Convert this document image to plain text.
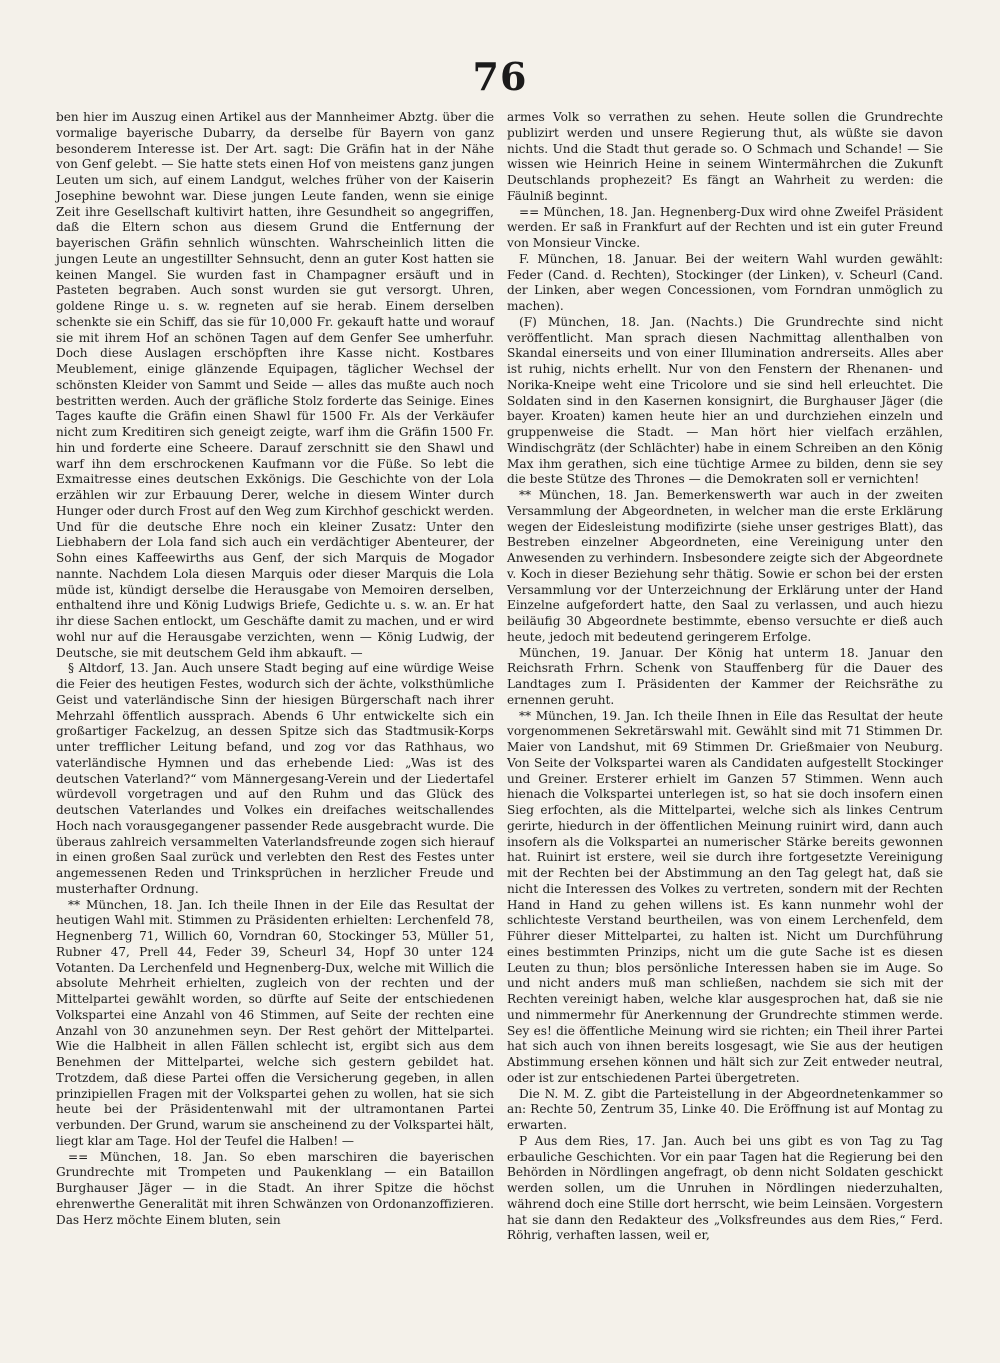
76

ben hier im Auszug einen Artikel aus der Mannheimer Abztg. über die vormalige bayerische Dubarry, da derselbe für Bayern von ganz besonderem Interesse ist. Der Art. sagt: Die Gräfin hat in der Nähe von Genf gelebt. — Sie hatte stets einen Hof von meistens ganz jungen Leuten um sich, auf einem Landgut, welches früher von der Kaiserin Josephine bewohnt war. Diese jungen Leute fanden, wenn sie einige Zeit ihre Gesellschaft kultivirt hatten, ihre Gesundheit so angegriffen, daß die Eltern schon aus diesem Grund die Entfernung der bayerischen Gräfin sehnlich wünschten. Wahrscheinlich litten die jungen Leute an ungestillter Sehnsucht, denn an guter Kost hatten sie keinen Mangel. Sie wurden fast in Champagner ersäuft und in Pasteten begraben. Auch sonst wurden sie gut versorgt. Uhren, goldene Ringe u. s. w. regneten auf sie herab. Einem derselben schenkte sie ein Schiff, das sie für 10,000 Fr. gekauft hatte und worauf sie mit ihrem Hof an schönen Tagen auf dem Genfer See umherfuhr. Doch diese Auslagen erschöpften ihre Kasse nicht. Kostbares Meublement, einige glänzende Equipagen, täglicher Wechsel der schönsten Kleider von Sammt und Seide — alles das mußte auch noch bestritten werden. Auch der gräfliche Stolz forderte das Seinige. Eines Tages kaufte die Gräfin einen Shawl für 1500 Fr. Als der Verkäufer nicht zum Kreditiren sich geneigt zeigte, warf ihm die Gräfin 1500 Fr. hin und forderte eine Scheere. Darauf zerschnitt sie den Shawl und warf ihn dem erschrockenen Kaufmann vor die Füße. So lebt die Exmaitresse eines deutschen Exkönigs. Die Geschichte von der Lola erzählen wir zur Erbauung Derer, welche in diesem Winter durch Hunger oder durch Frost auf den Weg zum Kirchhof geschickt werden. Und für die deutsche Ehre noch ein kleiner Zusatz: Unter den Liebhabern der Lola fand sich auch ein verdächtiger Abenteurer, der Sohn eines Kaffeewirths aus Genf, der sich Marquis de Mogador nannte. Nachdem Lola diesen Marquis oder dieser Marquis die Lola müde ist, kündigt derselbe die Herausgabe von Memoiren derselben, enthaltend ihre und König Ludwigs Briefe, Gedichte u. s. w. an. Er hat ihr diese Sachen entlockt, um Geschäfte damit zu machen, und er wird wohl nur auf die Herausgabe verzichten, wenn — König Ludwig, der Deutsche, sie mit deutschem Geld ihm abkauft. —

§ Altdorf, 13. Jan. Auch unsere Stadt beging auf eine würdige Weise die Feier des heutigen Festes, wodurch sich der ächte, volksthümliche Geist und vaterländische Sinn der hiesigen Bürgerschaft nach ihrer Mehrzahl öffentlich aussprach. Abends 6 Uhr entwickelte sich ein großartiger Fackelzug, an dessen Spitze sich das Stadtmusik-Korps unter trefflicher Leitung befand, und zog vor das Rathhaus, wo vaterländische Hymnen und das erhebende Lied: „Was ist des deutschen Vaterland?“ vom Männergesang-Verein und der Liedertafel würdevoll vorgetragen und auf den Ruhm und das Glück des deutschen Vaterlandes und Volkes ein dreifaches weitschallendes Hoch nach vorausgegangener passender Rede ausgebracht wurde. Die überaus zahlreich versammelten Vaterlandsfreunde zogen sich hierauf in einen großen Saal zurück und verlebten den Rest des Festes unter angemessenen Reden und Trinksprüchen in herzlicher Freude und musterhafter Ordnung.

** München, 18. Jan. Ich theile Ihnen in der Eile das Resultat der heutigen Wahl mit. Stimmen zu Präsidenten erhielten: Lerchenfeld 78, Hegnenberg 71, Willich 60, Vorndran 60, Stockinger 53, Müller 51, Rubner 47, Prell 44, Feder 39, Scheurl 34, Hopf 30 unter 124 Votanten. Da Lerchenfeld und Hegnenberg-Dux, welche mit Willich die absolute Mehrheit erhielten, zugleich von der rechten und der Mittelpartei gewählt worden, so dürfte auf Seite der entschiedenen Volkspartei eine Anzahl von 46 Stimmen, auf Seite der rechten eine Anzahl von 30 anzunehmen seyn. Der Rest gehört der Mittelpartei. Wie die Halbheit in allen Fällen schlecht ist, ergibt sich aus dem Benehmen der Mittelpartei, welche sich gestern gebildet hat. Trotzdem, daß diese Partei offen die Versicherung gegeben, in allen prinzipiellen Fragen mit der Volkspartei gehen zu wollen, hat sie sich heute bei der Präsidentenwahl mit der ultramontanen Partei verbunden. Der Grund, warum sie anscheinend zu der Volkspartei hält, liegt klar am Tage. Hol der Teufel die Halben! —

== München, 18. Jan. So eben marschiren die bayerischen Grundrechte mit Trompeten und Paukenklang — ein Bataillon Burghauser Jäger — in die Stadt. An ihrer Spitze die höchst ehrenwerthe Generalität mit ihren Schwänzen von Ordonanzoffizieren. Das Herz möchte Einem bluten, sein

armes Volk so verrathen zu sehen. Heute sollen die Grundrechte publizirt werden und unsere Regierung thut, als wüßte sie davon nichts. Und die Stadt thut gerade so. O Schmach und Schande! — Sie wissen wie Heinrich Heine in seinem Wintermährchen die Zukunft Deutschlands prophezeit? Es fängt an Wahrheit zu werden: die Fäulniß beginnt.

== München, 18. Jan. Hegnenberg-Dux wird ohne Zweifel Präsident werden. Er saß in Frankfurt auf der Rechten und ist ein guter Freund von Monsieur Vincke.

F. München, 18. Januar. Bei der weitern Wahl wurden gewählt: Feder (Cand. d. Rechten), Stockinger (der Linken), v. Scheurl (Cand. der Linken, aber wegen Concessionen, vom Forndran unmöglich zu machen).

(F) München, 18. Jan. (Nachts.) Die Grundrechte sind nicht veröffentlicht. Man sprach diesen Nachmittag allenthalben von Skandal einerseits und von einer Illumination andrerseits. Alles aber ist ruhig, nichts erhellt. Nur von den Fenstern der Rhenanen- und Norika-Kneipe weht eine Tricolore und sie sind hell erleuchtet. Die Soldaten sind in den Kasernen konsignirt, die Burghauser Jäger (die bayer. Kroaten) kamen heute hier an und durchziehen einzeln und gruppenweise die Stadt. — Man hört hier vielfach erzählen, Windischgrätz (der Schlächter) habe in einem Schreiben an den König Max ihm gerathen, sich eine tüchtige Armee zu bilden, denn sie sey die beste Stütze des Thrones — die Demokraten soll er vernichten!

** München, 18. Jan. Bemerkenswerth war auch in der zweiten Versammlung der Abgeordneten, in welcher man die erste Erklärung wegen der Eidesleistung modifizirte (siehe unser gestriges Blatt), das Bestreben einzelner Abgeordneten, eine Vereinigung unter den Anwesenden zu verhindern. Insbesondere zeigte sich der Abgeordnete v. Koch in dieser Beziehung sehr thätig. Sowie er schon bei der ersten Versammlung vor der Unterzeichnung der Erklärung unter der Hand Einzelne aufgefordert hatte, den Saal zu verlassen, und auch hiezu beiläufig 30 Abgeordnete bestimmte, ebenso versuchte er dieß auch heute, jedoch mit bedeutend geringerem Erfolge.

München, 19. Januar. Der König hat unterm 18. Januar den Reichsrath Frhrn. Schenk von Stauffenberg für die Dauer des Landtages zum I. Präsidenten der Kammer der Reichsräthe zu ernennen geruht.

** München, 19. Jan. Ich theile Ihnen in Eile das Resultat der heute vorgenommenen Sekretärswahl mit. Gewählt sind mit 71 Stimmen Dr. Maier von Landshut, mit 69 Stimmen Dr. Grießmaier von Neuburg. Von Seite der Volkspartei waren als Candidaten aufgestellt Stockinger und Greiner. Ersterer erhielt im Ganzen 57 Stimmen. Wenn auch hienach die Volkspartei unterlegen ist, so hat sie doch insofern einen Sieg erfochten, als die Mittelpartei, welche sich als linkes Centrum gerirte, hiedurch in der öffentlichen Meinung ruinirt wird, dann auch insofern als die Volkspartei an numerischer Stärke bereits gewonnen hat. Ruinirt ist erstere, weil sie durch ihre fortgesetzte Vereinigung mit der Rechten bei der Abstimmung an den Tag gelegt hat, daß sie nicht die Interessen des Volkes zu vertreten, sondern mit der Rechten Hand in Hand zu gehen willens ist. Es kann nunmehr wohl der schlichteste Verstand beurtheilen, was von einem Lerchenfeld, dem Führer dieser Mittelpartei, zu halten ist. Nicht um Durchführung eines bestimmten Prinzips, nicht um die gute Sache ist es diesen Leuten zu thun; blos persönliche Interessen haben sie im Auge. So und nicht anders muß man schließen, nachdem sie sich mit der Rechten vereinigt haben, welche klar ausgesprochen hat, daß sie nie und nimmermehr für Anerkennung der Grundrechte stimmen werde. Sey es! die öffentliche Meinung wird sie richten; ein Theil ihrer Partei hat sich auch von ihnen bereits losgesagt, wie Sie aus der heutigen Abstimmung ersehen können und hält sich zur Zeit entweder neutral, oder ist zur entschiedenen Partei übergetreten.

Die N. M. Z. gibt die Parteistellung in der Abgeordnetenkammer so an: Rechte 50, Zentrum 35, Linke 40. Die Eröffnung ist auf Montag zu erwarten.

P Aus dem Ries, 17. Jan. Auch bei uns gibt es von Tag zu Tag erbauliche Geschichten. Vor ein paar Tagen hat die Regierung bei den Behörden in Nördlingen angefragt, ob denn nicht Soldaten geschickt werden sollen, um die Unruhen in Nördlingen niederzuhalten, während doch eine Stille dort herrscht, wie beim Leinsäen. Vorgestern hat sie dann den Redakteur des „Volksfreundes aus dem Ries,“ Ferd. Röhrig, verhaften lassen, weil er,
